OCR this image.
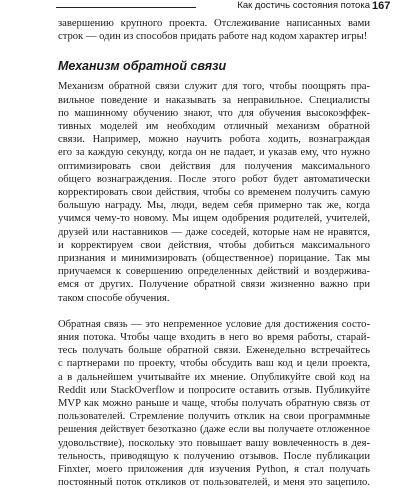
Как достичь состояния потока 167

завершению крупного проекта. Отслеживание написанных вами
строк — один из способов придать работе над кодом характер игры!

Механизм обратной связи

Механизм обратной связи служит для того, чтобы поощрять пра-
вильное поведение и наказывать за неправильное. Специалисты
по машинному обучению знают, что для обучения высокоэффек-
тивных моделей им необходим отличный механизм обратной
связи. Например, можно научить робота ходить, вознаграждая
его за каждую секунду, когда он не падает, и указав ему, что нужно
оптимизировать свои действия для получения максимального
общего вознаграждения. После этого робот будет автоматически
корректировать свои действия, чтобы со временем получить самую
большую награду. Мы, люди, ведем себя примерно так же, когда
учимся чему-то новому. Мы ищем одобрения родителей, учителей,
друзей или наставников — даже соседей, которые нам не нравятся,
и корректируем свои действия, чтобы добиться максимального
признания и минимизировать (общественное) порицание. Так мы
приучаемся к совершению определенных действий и воздержива-
емся от других. Получение обратной связи жизненно важно при
таком способе обучения.

Обратная связь — это непременное условие для достижения состо-
яния потока. Чтобы чаще входить в него во время работы, старай-
тесь получать больше обратной связи. Еженедельно встречайтесь
с партнерами по проекту, чтобы обсудить ваш код и цели проекта,
а в дальнейшем учитывайте их мнение. Опубликуйте свой код на
Reddit или StackOverflow и попросите оставить отзыв. Публикуйте
MVP как можно раньше и чаще, чтобы получать обратную связь от
пользователей. Стремление получить отклик на свои программные
решения действует безотказно (даже если вы получаете отложенное
удовольствие), поскольку это повышает вашу вовлеченность в дея-
тельность, приводящую к получению отзывов. После публикации
Finxter, моего приложения для изучения Python, я стал получать
постоянный поток откликов от пользователей, и меня это зацепило.
